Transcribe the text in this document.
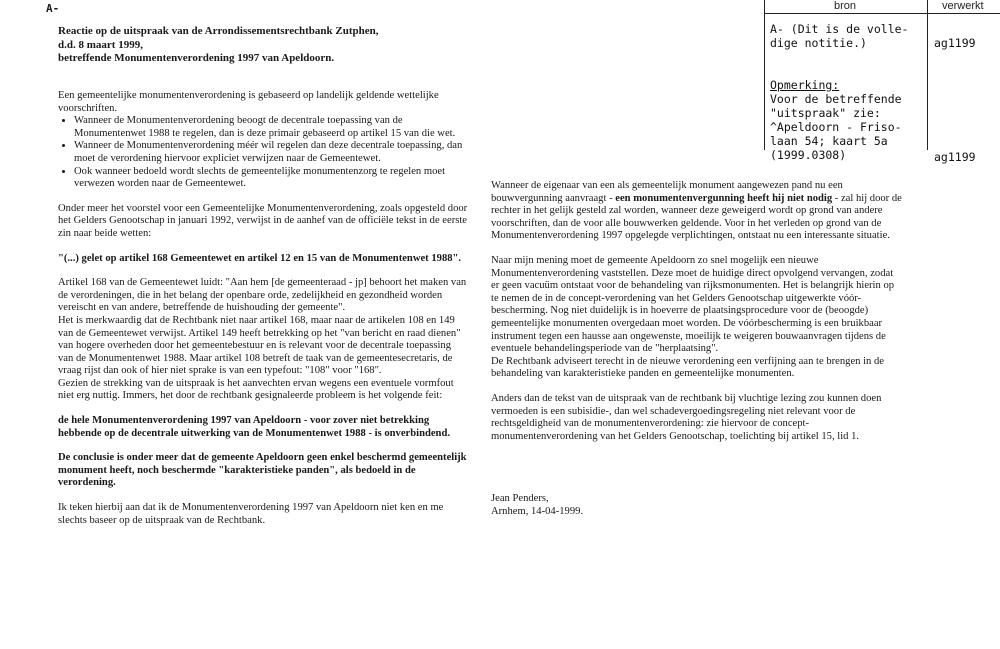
A-

Reactie op de uitspraak van de Arrondissementsrechtbank Zutphen,

d.d. 8 maart 1999,

betreffende Monumentenverordening 1997 van Apeldoorn.

bron	verwerkt
A- (Dit is de volle-dige notitie.)	ag1199
Opmerking:
Voor de betreffende "uitspraak" zie: ^Apeldoorn - Friso-laan 54; kaart 5a (1999.0308)	ag1199

Een gemeentelijke monumentenverordening is gebaseerd op landelijk geldende wettelijke voorschriften.

• Wanneer de Monumentenverordening beoogt de decentrale toepassing van de Monumentenwet 1988 te regelen, dan is deze primair gebaseerd op artikel 15 van die wet.
• Wanneer de Monumentenverordening méér wil regelen dan deze decentrale toepassing, dan moet de verordening hiervoor expliciet verwijzen naar de Gemeentewet.
• Ook wanneer bedoeld wordt slechts de gemeentelijke monumentenzorg te regelen moet verwezen worden naar de Gemeentewet.

Onder meer het voorstel voor een Gemeentelijke Monumentenverordening, zoals opgesteld door het Gelders Genootschap in januari 1992, verwijst in de aanhef van de officiële tekst in de eerste zin naar beide wetten:

"(...) gelet op artikel 168 Gemeentewet en artikel 12 en 15 van de Monumentenwet 1988".

Artikel 168 van de Gemeentewet luidt: "Aan hem [de gemeenteraad - jp] behoort het maken van de verordeningen, die in het belang der openbare orde, zedelijkheid en gezondheid worden vereischt en van andere, betreffende de huishouding der gemeente".

Het is merkwaardig dat de Rechtbank niet naar artikel 168, maar naar de artikelen 108 en 149 van de Gemeentewet verwijst. Artikel 149 heeft betrekking op het "van bericht en raad dienen" van hogere overheden door het gemeentebestuur en is relevant voor de decentrale toepassing van de Monumentenwet 1988. Maar artikel 108 betreft de taak van de gemeentesecretaris, de vraag rijst dan ook of hier niet sprake is van een typefout: "108" voor "168".

Gezien de strekking van de uitspraak is het aanvechten ervan wegens een eventuele vormfout niet erg nuttig. Immers, het door de rechtbank gesignaleerde probleem is het volgende feit:

de hele Monumentenverordening 1997 van Apeldoorn - voor zover niet betrekking hebbende op de decentrale uitwerking van de Monumentenwet 1988 - is onverbindend.

De conclusie is onder meer dat de gemeente Apeldoorn geen enkel beschermd gemeentelijk monument heeft, noch beschermde "karakteristieke panden", als bedoeld in de verordening.

Ik teken hierbij aan dat ik de Monumentenverordening 1997 van Apeldoorn niet ken en me slechts baseer op de uitspraak van de Rechtbank.

Wanneer de eigenaar van een als gemeentelijk monument aangewezen pand nu een bouwvergunning aanvraagt - een monumentenvergunning heeft hij niet nodig - zal hij door de rechter in het gelijk gesteld zal worden, wanneer deze geweigerd wordt op grond van andere voorschriften, dan de voor alle bouwwerken geldende. Voor in het verleden op grond van de Monumentenverordening 1997 opgelegde verplichtingen, ontstaat nu een interessante situatie.

Naar mijn mening moet de gemeente Apeldoorn zo snel mogelijk een nieuwe Monumentenverordening vaststellen. Deze moet de huidige direct opvolgend vervangen, zodat er geen vacuüm ontstaat voor de behandeling van rijksmonumenten. Het is belangrijk hierin op te nemen de in de concept-verordening van het Gelders Genootschap uitgewerkte vóór-bescherming. Nog niet duidelijk is in hoeverre de plaatsingsprocedure voor de (beoogde) gemeentelijke monumenten overgedaan moet worden. De vóórbescherming is een bruikbaar instrument tegen een hausse aan ongewenste, moeilijk te weigeren bouwaanvragen tijdens de eventuele behandelingsperiode van de "herplaatsing".

De Rechtbank adviseert terecht in de nieuwe verordening een verfijning aan te brengen in de behandeling van karakteristieke panden en gemeentelijke monumenten.

Anders dan de tekst van de uitspraak van de rechtbank bij vluchtige lezing zou kunnen doen vermoeden is een subisidie-, dan wel schadevergoedingsregeling niet relevant voor de rechtsgeldigheid van de monumentenverordening: zie hiervoor de concept-monumentenverordening van het Gelders Genootschap, toelichting bij artikel 15, lid 1.

Jean Penders,

Arnhem, 14-04-1999.
